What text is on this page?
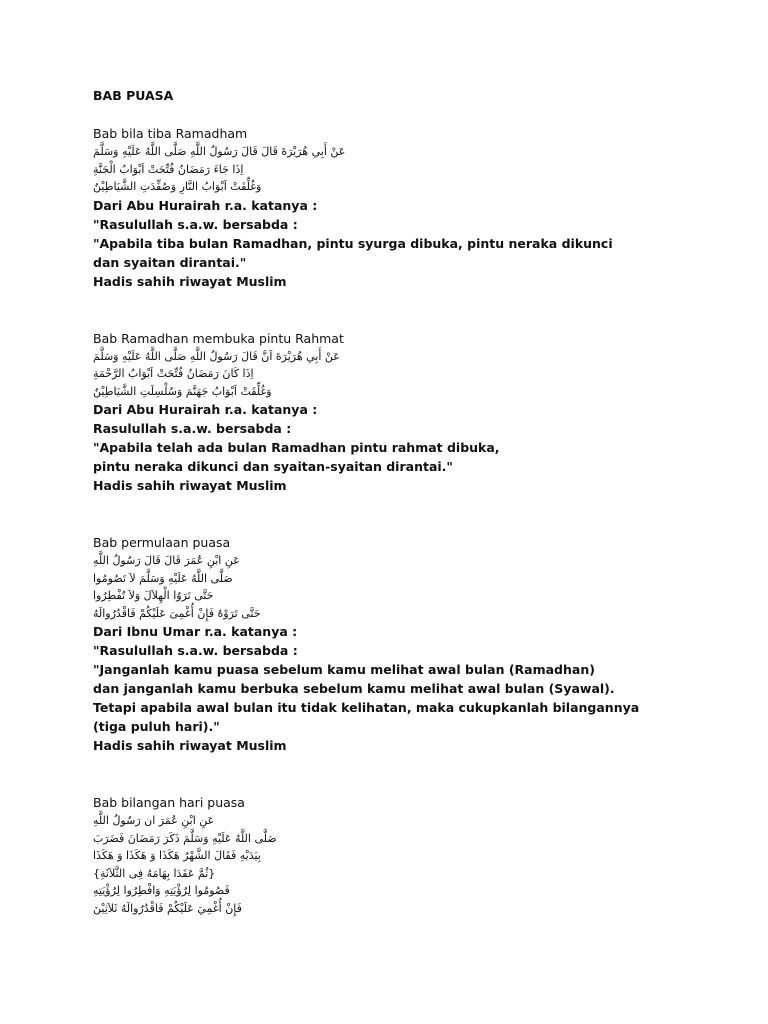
BAB PUASA
Bab bila tiba Ramadham
عَنْ أَبِي هُرَيْرَةَ قَالَ قَالَ رَسُولُ اللَّهِ صَلَّى اللَّهُ عَلَيْهِ وَسَلَّمَ
اِذَا جَاءَ رَمَضَانُ فُتِّحَتْ اَبْوَابُ الْجَنَّةِ
وَغُلِّقَتْ اَبْوَابُ النَّارِ وَصُفِّدَتِ الشَّيَاطِيْنُ
Dari Abu Hurairah r.a. katanya :
"Rasulullah s.a.w. bersabda :
"Apabila tiba bulan Ramadhan, pintu syurga dibuka, pintu neraka dikunci
dan syaitan dirantai."
Hadis sahih riwayat Muslim
Bab Ramadhan membuka pintu Rahmat
عَنْ أَبِي هُرَيْرَةَ اَنَّ قَالَ رَسُولُ اللَّهِ صَلَّى اللَّهُ عَلَيْهِ وَسَلَّمَ
اِذَا كَانَ رَمَضَانُ فُتِّحَتْ اَبْوَابُ الرَّحْمَةِ
وَغُلِّقَتْ اَبْوَابُ جَهَنَّمَ وَسُلْسِلَتِ الشَّيَاطِيْنُ
Dari Abu Hurairah r.a. katanya :
Rasulullah s.a.w. bersabda :
"Apabila telah ada bulan Ramadhan pintu rahmat dibuka,
pintu neraka dikunci dan syaitan-syaitan dirantai."
Hadis sahih riwayat Muslim
Bab permulaan puasa
عَنِ ابْنِ عُمَرَ قَالَ قَالَ رَسُولُ اللَّهِ
صَلَّى اللَّهُ عَلَيْهِ وَسَلَّمَ لاَ تَصُومُوا
حَتَّى تَرَوُا الْهِلاَلَ وَلاَ تُفْطِرُوا
حَتَّى تَرَوْهُ فَإِنْ أُغْمِىَ عَلَيْكُمْ فَاقْدُرُوالَهُ
Dari Ibnu Umar r.a. katanya :
"Rasulullah s.a.w. bersabda :
"Janganlah kamu puasa sebelum kamu melihat awal bulan (Ramadhan)
dan janganlah kamu berbuka sebelum kamu melihat awal bulan (Syawal).
Tetapi apabila awal bulan itu tidak kelihatan, maka cukupkanlah bilangannya
(tiga puluh hari)."
Hadis sahih riwayat Muslim
Bab bilangan hari puasa
عَنِ ابْنِ عُمَرَ ان رَسُولُ اللَّهِ
صَلَّى اللَّهُ عَلَيْهِ وَسَلَّمَ ذَكَرَ رَمَضَانَ فَضَرَبَ
بِيَدَيْهِ فَقَالَ الشَّهْرُ هَكَذَا وَ هَكَذَا وَ هَكَذَا
{ثُمَّ عَقَدَا بِهَامَهُ فِى الثَّلاَثَةِ}
فَصُومُوا لِرُؤْيَتِهِ وَافْطِرُوا لِرُؤْيَتِهِ
فَإِنْ أُغْمِيَ عَلَيْكُمْ فَاقْدُرُوالَهُ ثَلاَثِيْنَ
